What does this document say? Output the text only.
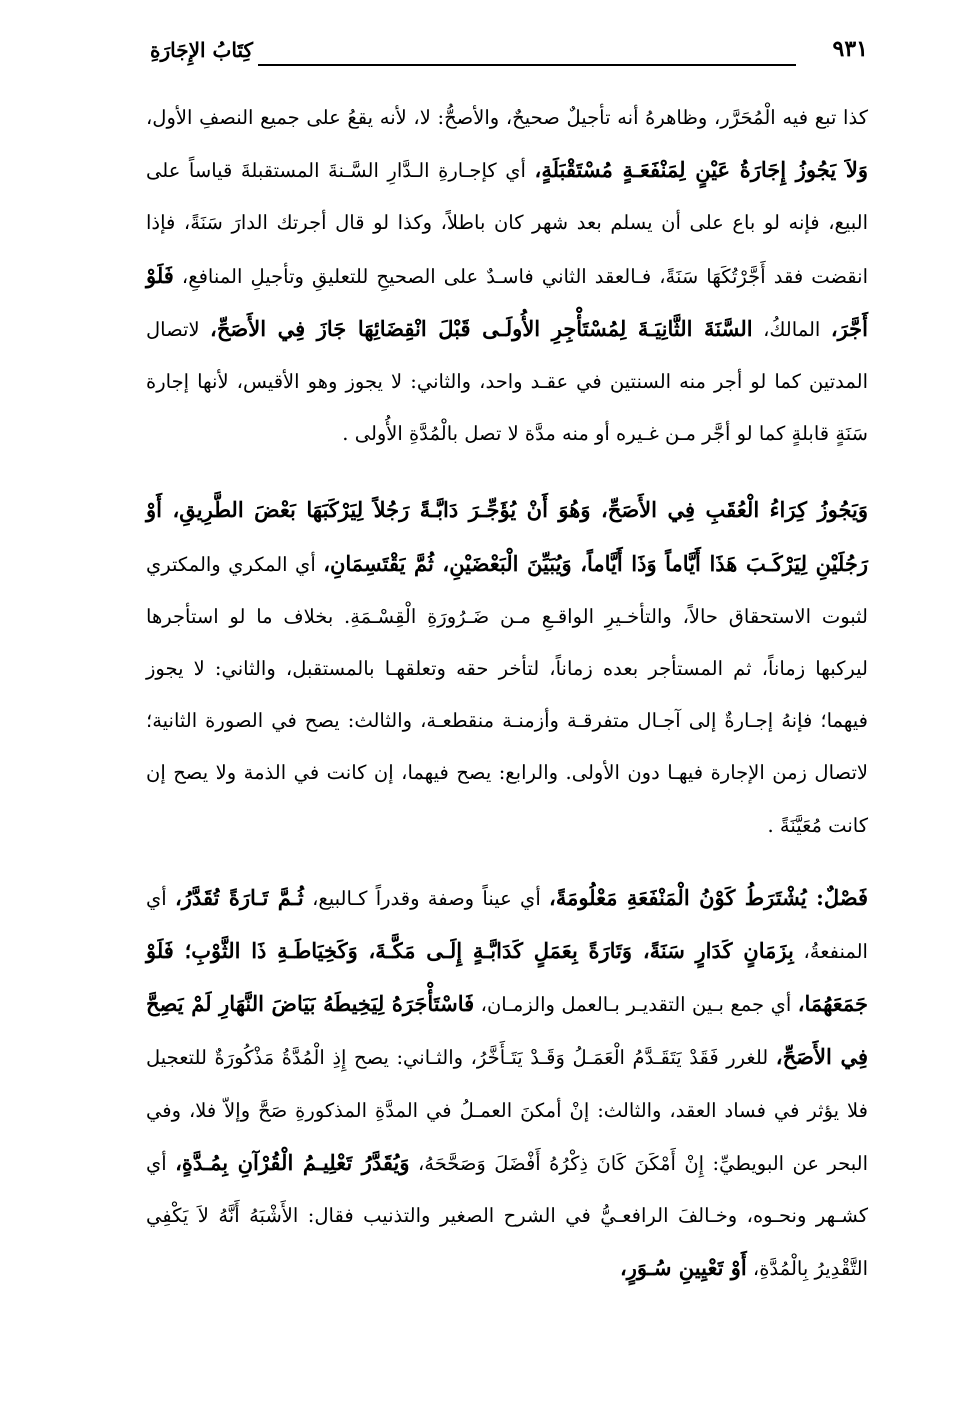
كِتَابُ الإِجَارَةِ	٩٣١

كذا تبع فيه الْمُحَرَّر، وظاهرهُ أنه تأجيلٌ صحيحٌ، والأصحُّ: لا، لأنه يقعُ على جميع النصفِ الأول، وَلاَ يَجُوزُ إِجَارَةُ عَيْنٍ لِمَنْفَعَـةٍ مُسْتَقْبَلَةٍ، أي كإجـارةِ الـدَّارِ السَّـنةَ المستقبلةَ قياساً على البيع، فإنه لو باع على أن يسلم بعد شهر كان باطلاً، وكذا لو قال أجرتك الدارَ سَنَةً، فإذا انقضت فقد أَجَّرْتُكَهَا سَنَةً، فـالعقد الثاني فاسـدٌ على الصحيحِ للتعليقِ وتأجيلِ المنافعِ، فَلَوْ أَجَّرَ، المالكُ، السَّنَةَ الثَّانِيَـةَ لِمُسْتَأْجِرِ الأُولَـى قَبْلَ انْقِضَائِهَا جَازَ فِي الأَصَحِّ، لاتصال المدتين كما لو أجر منه السنتين في عقـد واحد، والثاني: لا يجوز وهو الأقيس، لأنها إجارة سَنَةٍ قابلةٍ كما لو أجَّر مـن غـيره أو منه مدَّة لا تصل بالْمُدَّةِ الأُولى .

وَيَجُوزُ كِرَاءُ الْعُقَبِ فِي الأَصَحِّ، وَهُوَ أَنْ يُؤَجِّـرَ دَابَّـةً رَجُلاً لِيَرْكَبَهَا بَعْضَ الطَّرِيقِ، أَوْ رَجُلَيْنِ لِيَرْكَـبَ هَذَا أَيَّاماً وَذَا أَيَّاماً، وَيُبَيِّنَ الْبَعْضَيْنِ، ثُمَّ يَقْتَسِمَانِ، أي المكري والمكتري لثبوت الاستحقاق حالاً، والتأخـيرِ الواقـعِ مـن ضَـرُورَةِ الْقِسْـمَةِ. بخلاف ما لو استأجرها ليركبها زماناً، ثم المستأجر بعده زماناً، لتأخر حقه وتعلقهـا بالمستقبل، والثاني: لا يجوز فيهما؛ فإنهُ إجـارةٌ إلى آجـال متفرقـة وأزمنـة منقطعـة، والثالث: يصح في الصورة الثانية؛ لاتصال زمن الإجارة فيهـا دون الأولى. والرابع: يصح فيهما، إن كانت في الذمة ولا يصح إن كانت مُعَيَّنَةً .

فَصْلٌ: يُشْتَرَطُ كَوْنُ الْمَنْفَعَةِ مَعْلُومَةً، أي عيناً وصفة وقدراً كـالبيع، ثُـمَّ تَـارَةً تُقَدَّرُ، أي المنفعةُ، بِزَمَانٍ كَدَارٍ سَنَةً، وَتَارَةً بِعَمَلٍ كَدَابَّـةٍ إِلَـى مَكَّـةَ، وَكَخِيَاطَـةِ ذَا الثَّوْبِ؛ فَلَوْ جَمَعَهُمَا، أي جمع بـين التقديـر بـالعمل والزمـان، فَاسْتَأْجَرَهُ لِيَخِيطَهُ بَيَاضَ النَّهَارِ لَمْ يَصِحَّ فِي الأَصَحِّ، للغرر فَقَدْ يَتَقَـدَّمُ الْعَمَـلُ وَقَـدْ يَتَـأَخَّرُ، والثـاني: يصح إِذِ الْمُدَّةُ مَذْكُورَةٌ للتعجيل فلا يؤثر في فساد العقد، والثالث: إنْ أمكنَ العمـلُ في المدَّةِ المذكورةِ صَحَّ وإلاّ فلا، وفي البحر عن البويطيِّ: إِنْ أَمْكَنَ كَانَ ذِكْرُهُ أَفْضَلَ وَصَحَّحَهُ، وَيُقَدَّرُ تَعْلِيـمُ الْقُرْآنِ بِمُـدَّةٍ، أي كشـهر ونحـوه، وخـالفَ الرافعـيُّ في الشرح الصغير والتذنيب فقال: الأَشْبَهُ أَنَّهُ لاَ يَكْفِي التَّقْدِيرُ بِالْمُدَّةِ، أَوْ تَعْيِينِ سُـوَرٍ،
